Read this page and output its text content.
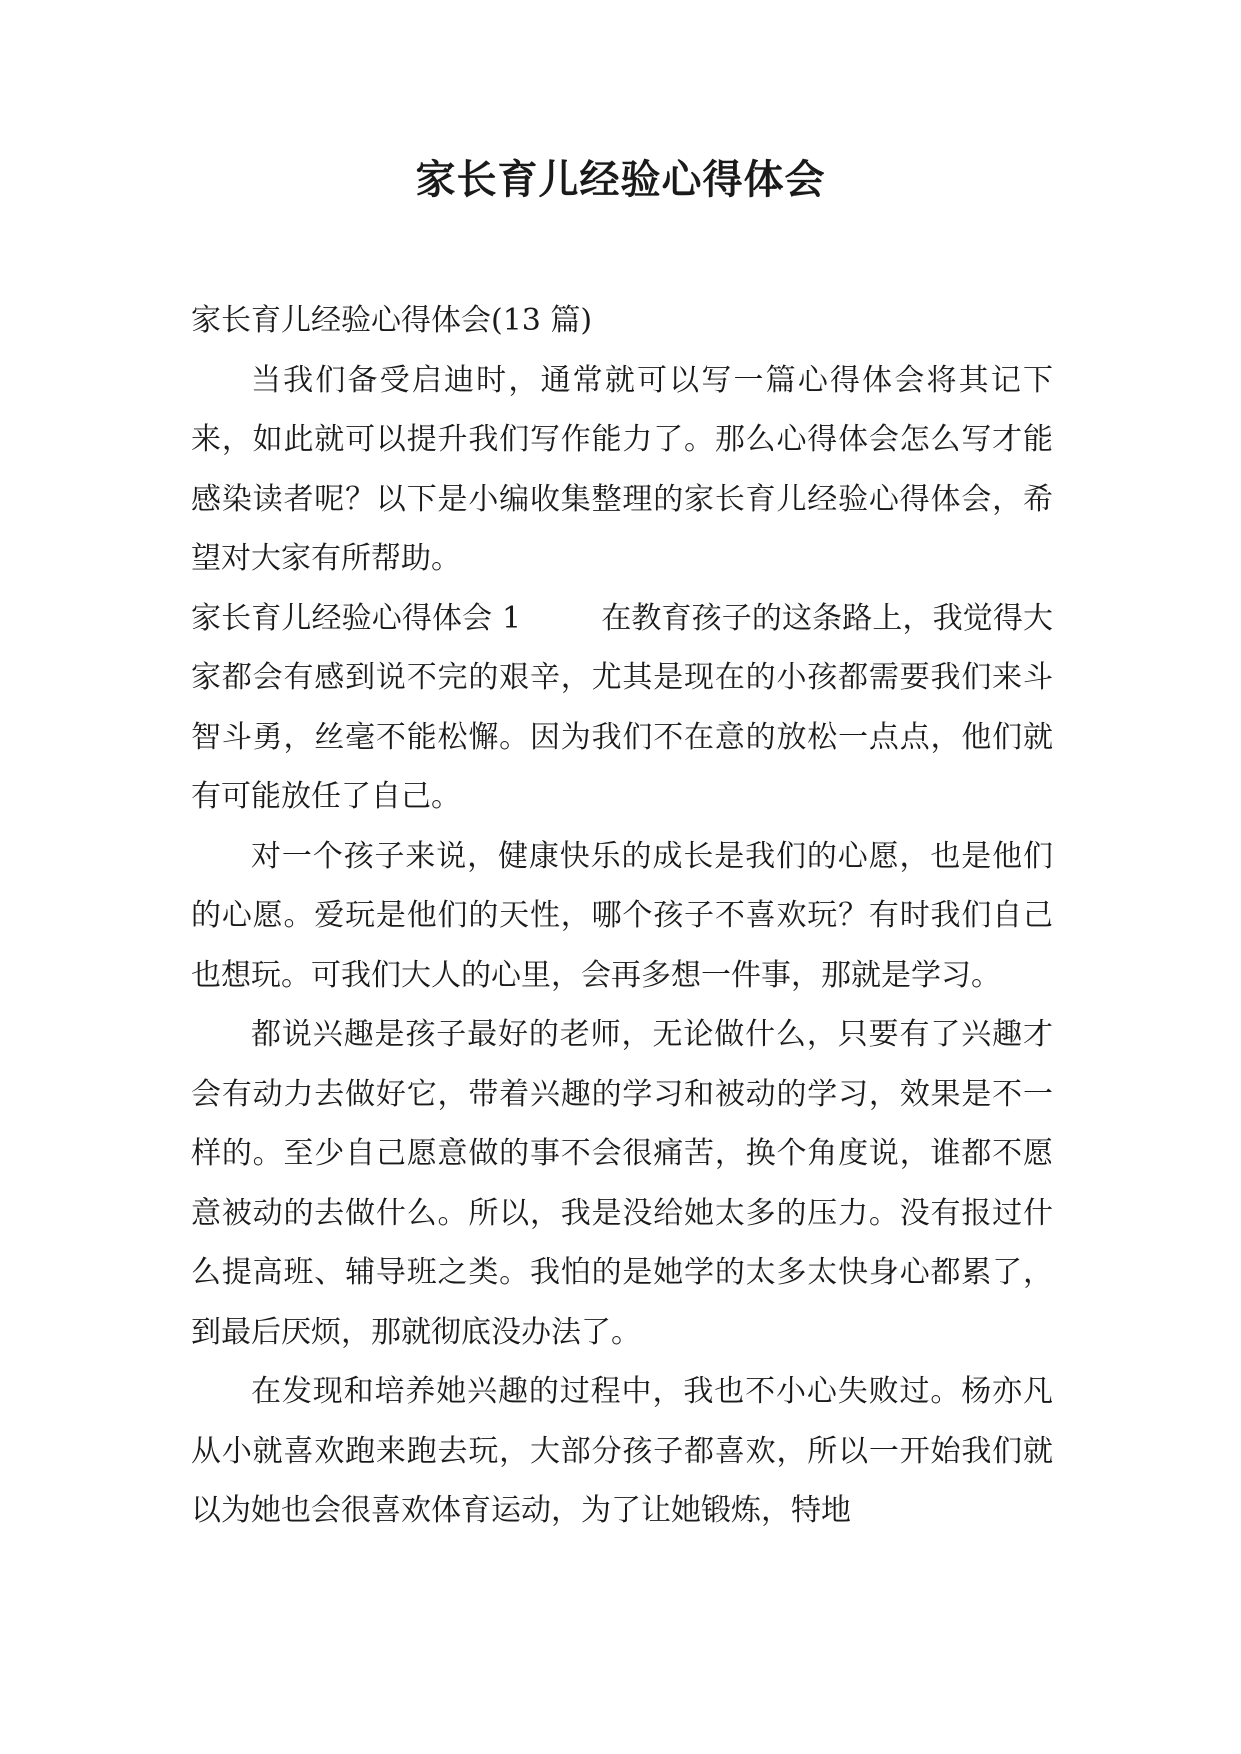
家长育儿经验心得体会

家长育儿经验心得体会(13 篇)

当我们备受启迪时，通常就可以写一篇心得体会将其记下来，如此就可以提升我们写作能力了。那么心得体会怎么写才能感染读者呢？以下是小编收集整理的家长育儿经验心得体会，希望对大家有所帮助。

家长育儿经验心得体会 1	在教育孩子的这条路上，我觉得大家都会有感到说不完的艰辛，尤其是现在的小孩都需要我们来斗智斗勇，丝毫不能松懈。因为我们不在意的放松一点点，他们就有可能放任了自己。

对一个孩子来说，健康快乐的成长是我们的心愿，也是他们的心愿。爱玩是他们的天性，哪个孩子不喜欢玩？有时我们自己也想玩。可我们大人的心里，会再多想一件事，那就是学习。

都说兴趣是孩子最好的老师，无论做什么，只要有了兴趣才会有动力去做好它，带着兴趣的学习和被动的学习，效果是不一样的。至少自己愿意做的事不会很痛苦，换个角度说，谁都不愿意被动的去做什么。所以，我是没给她太多的压力。没有报过什么提高班、辅导班之类。我怕的是她学的太多太快身心都累了，到最后厌烦，那就彻底没办法了。

在发现和培养她兴趣的过程中，我也不小心失败过。杨亦凡从小就喜欢跑来跑去玩，大部分孩子都喜欢，所以一开始我们就以为她也会很喜欢体育运动，为了让她锻炼，特地
